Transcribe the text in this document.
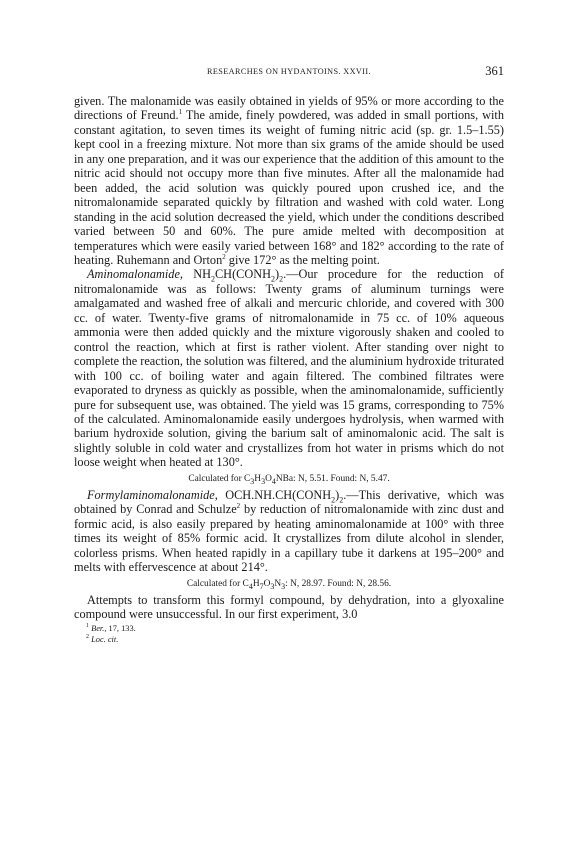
RESEARCHES ON HYDANTOINS. XXVII.	361

given. The malonamide was easily obtained in yields of 95% or more according to the directions of Freund.$^1$ The amide, finely powdered, was added in small portions, with constant agitation, to seven times its weight of fuming nitric acid (sp. gr. 1.5–1.55) kept cool in a freezing mixture. Not more than six grams of the amide should be used in any one preparation, and it was our experience that the addition of this amount to the nitric acid should not occupy more than five minutes. After all the malonamide had been added, the acid solution was quickly poured upon crushed ice, and the nitromalonamide separated quickly by filtration and washed with cold water. Long standing in the acid solution decreased the yield, which under the conditions described varied between 50 and 60%. The pure amide melted with decomposition at temperatures which were easily varied between 168° and 182° according to the rate of heating. Ruhemann and Orton$^2$ give 172° as the melting point.

Aminomalonamide, $NH_2CH(CONH_2)_2.—Our$ procedure for the reduction of nitromalonamide was as follows: Twenty grams of aluminum turnings were amalgamated and washed free of alkali and mercuric chloride, and covered with 300 cc. of water. Twenty-five grams of nitromalonamide in 75 cc. of 10% aqueous ammonia were then added quickly and the mixture vigorously shaken and cooled to control the reaction, which at first is rather violent. After standing over night to complete the reaction, the solution was filtered, and the aluminium hydroxide triturated with 100 cc. of boiling water and again filtered. The combined filtrates were evaporated to dryness as quickly as possible, when the aminomalonamide, sufficiently pure for subsequent use, was obtained. The yield was 15 grams, corresponding to 75% of the calculated. Aminomalonamide easily undergoes hydrolysis, when warmed with barium hydroxide solution, giving the barium salt of aminomalonic acid. The salt is slightly soluble in cold water and crystallizes from hot water in prisms which do not loose weight when heated at 130°.

Calculated for $C_3H_3O_4NBa$: N, 5.51. Found: N, 5.47.

Formylaminomalonamide, $OCH.NH.CH(CONH_2)_2.—This$ derivative, which was obtained by Conrad and Schulze$^2$ by reduction of nitromalonamide with zinc dust and formic acid, is also easily prepared by heating aminomalonamide at 100° with three times its weight of 85% formic acid. It crystallizes from dilute alcohol in slender, colorless prisms. When heated rapidly in a capillary tube it darkens at 195–200° and melts with effervescence at about 214°.

Calculated for $C_4H_7O_3N_3$: N, 28.97. Found: N, 28.56.

Attempts to transform this formyl compound, by dehydration, into a glyoxaline compound were unsuccessful. In our first experiment, 3.0

$^1$ Ber., 17, 133.
$^2$ Loc. cit.
